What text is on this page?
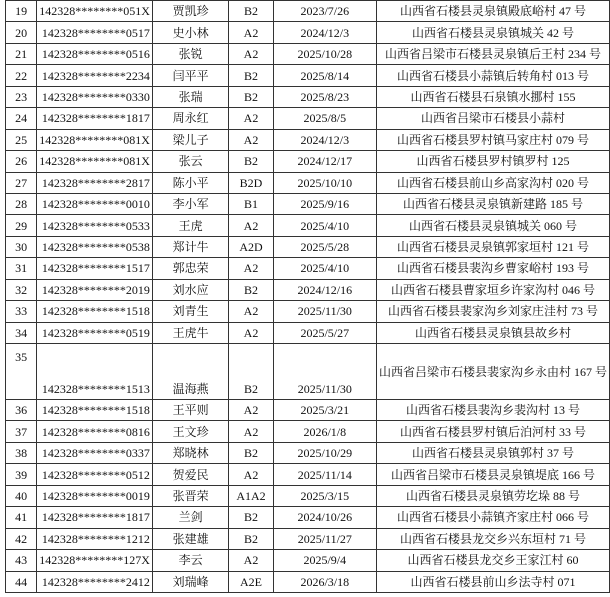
19	142328********051X	贾凯珍	B2	2023/7/26	山西省石楼县灵泉镇殿底峪村 47 号
20	142328********0517	史小林	A2	2024/12/3	山西省石楼县灵泉镇城关 42 号
21	142328********0516	张锐	A2	2025/10/28	山西省吕梁市石楼县灵泉镇后王村 234 号
22	142328********2234	闫平平	B2	2025/8/14	山西省石楼县小蒜镇后转角村 013 号
23	142328********0330	张瑞	B2	2025/8/23	山西省石楼县石泉镇水挪村 155
24	142328********1817	周永红	A2	2025/8/5	山西省吕梁市石楼县小蒜村
25	142328********081X	梁儿子	A2	2024/12/3	山西省石楼县罗村镇马家庄村 079 号
26	142328********081X	张云	B2	2024/12/17	山西省石楼县罗村镇罗村 125
27	142328********2817	陈小平	B2D	2025/10/10	山西省石楼县前山乡高家沟村 020 号
28	142328********0010	李小军	B1	2025/9/16	山西省石楼县灵泉镇新建路 185 号
29	142328********0533	王虎	A2	2025/4/10	山西省石楼县灵泉镇城关 060 号
30	142328********0538	郑计牛	A2D	2025/5/28	山西省石楼县灵泉镇郭家垣村 121 号
31	142328********1517	郭忠荣	A2	2025/4/10	山西省石楼县裴沟乡曹家峪村 193 号
32	142328********2019	刘水应	B2	2024/12/16	山西省石楼县曹家垣乡许家沟村 046 号
33	142328********1518	刘青生	A2	2025/11/30	山西省石楼县裴家沟乡刘家庄洼村 73 号
34	142328********0519	王虎牛	A2	2025/5/27	山西省石楼县灵泉镇县故乡村
35	142328********1513	温海燕	B2	2025/11/30	山西省吕梁市石楼县裴家沟乡永由村 167 号
36	142328********1518	王平则	A2	2025/3/21	山西省石楼县裴沟乡裴沟村 13 号
37	142328********0816	王文珍	A2	2026/1/8	山西省石楼县罗村镇后泊河村 33 号
38	142328********0337	郑晓林	B2	2025/10/29	山西省石楼县灵泉镇郭村 37 号
39	142328********0512	贺爱民	A2	2025/11/14	山西省吕梁市石楼县灵泉镇堤底 166 号
40	142328********0019	张晋荣	A1A2	2025/3/15	山西省石楼县灵泉镇劳圪垛 88 号
41	142328********1817	兰剑	B2	2024/10/26	山西省石楼县小蒜镇齐家庄村 066 号
42	142328********1212	张建雄	B2	2025/11/27	山西省石楼县龙交乡兴东垣村 71 号
43	142328********127X	李云	A2	2025/9/4	山西省石楼县龙交乡王家江村 60
44	142328********2412	刘瑞峰	A2E	2026/3/18	山西省石楼县前山乡法寺村 071
